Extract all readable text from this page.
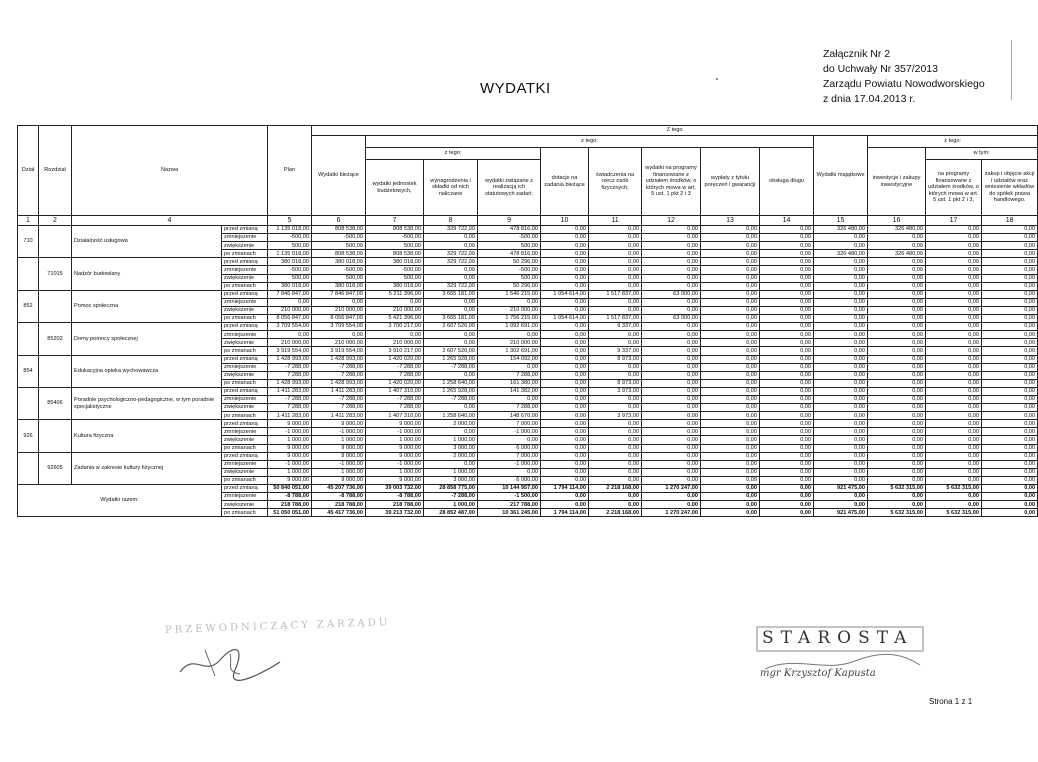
Załącznik Nr 2
do Uchwały Nr 357/2013
Zarządu Powiatu Nowodworskiego
z dnia 17.04.2013 r.
WYDATKI
Dział	Rozdział	Nazwa		Plan	Z tego												
					Wydatki bieżące	z tego:								Wydatki majątkowe	z tego:		
						z tego:			dotacje na zadania bieżące	świadczenia na rzecz osób fizycznych;	wydatki na programy finansowane z udziałem środków, o których mowa w art. 5 ust. 1 pkt 2 i 3	wypłaty z tytułu poręczeń i gwarancji	obsługa długu		inwestycje i zakupy inwestycyjne	w tym:	
						wydatki jednostek budżetowych,	wynagrodzenia i składki od nich naliczane	wydatki związane z realizacją ich statutowych zadań;								na programy finansowane z udziałem środków, o których mowa w art. 5 ust. 1 pkt 2 i 3,	zakup i objęcie akcji i udziałów oraz wniesienie wkładów do spółek prawa handlowego.
1	2	4		5	6	7	8	9	10	11	12	13	14	15	16	17	18
710		Działalność usługowa	przed zmianą	1 135 018,00	808 538,00	808 538,00	329 722,00	478 816,00	0,00	0,00	0,00	0,00	0,00	326 480,00	326 480,00	0,00	0,00
			zmniejszenie	-500,00	-500,00	-500,00	0,00	-500,00	0,00	0,00	0,00	0,00	0,00	0,00	0,00	0,00	0,00
			zwiększenie	500,00	500,00	500,00	0,00	500,00	0,00	0,00	0,00	0,00	0,00	0,00	0,00	0,00	0,00
			po zmianach	1 135 018,00	808 538,00	808 538,00	329 722,00	478 816,00	0,00	0,00	0,00	0,00	0,00	326 480,00	326 480,00	0,00	0,00
	71015	Nadzór budowlany	przed zmianą	380 018,00	380 018,00	380 018,00	329 722,00	50 296,00	0,00	0,00	0,00	0,00	0,00	0,00	0,00	0,00	0,00
			zmniejszenie	-500,00	-500,00	-500,00	0,00	-500,00	0,00	0,00	0,00	0,00	0,00	0,00	0,00	0,00	0,00
			zwiększenie	500,00	500,00	500,00	0,00	500,00	0,00	0,00	0,00	0,00	0,00	0,00	0,00	0,00	0,00
			po zmianach	380 018,00	380 018,00	380 018,00	329 722,00	50 296,00	0,00	0,00	0,00	0,00	0,00	0,00	0,00	0,00	0,00
852		Pomoc społeczna	przed zmianą	7 846 847,00	7 846 847,00	5 211 396,00	3 665 181,00	1 546 215,00	1 054 614,00	1 517 837,00	63 000,00	0,00	0,00	0,00	0,00	0,00	0,00
			zmniejszenie	0,00	0,00	0,00	0,00	0,00	0,00	0,00	0,00	0,00	0,00	0,00	0,00	0,00	0,00
			zwiększenie	210 000,00	210 000,00	210 000,00	0,00	210 000,00	0,00	0,00	0,00	0,00	0,00	0,00	0,00	0,00	0,00
			po zmianach	8 056 847,00	8 056 847,00	5 421 396,00	3 665 181,00	1 756 215,00	1 054 614,00	1 517 837,00	63 000,00	0,00	0,00	0,00	0,00	0,00	0,00
	85202	Domy pomocy społecznej	przed zmianą	3 709 554,00	3 709 554,00	3 700 217,00	2 607 526,00	1 092 691,00	0,00	9 337,00	0,00	0,00	0,00	0,00	0,00	0,00	0,00
			zmniejszenie	0,00	0,00	0,00	0,00	0,00	0,00	0,00	0,00	0,00	0,00	0,00	0,00	0,00	0,00
			zwiększenie	210 000,00	210 000,00	210 000,00	0,00	210 000,00	0,00	0,00	0,00	0,00	0,00	0,00	0,00	0,00	0,00
			po zmianach	3 919 554,00	3 919 554,00	3 910 217,00	2 607 526,00	1 302 691,00	0,00	9 337,00	0,00	0,00	0,00	0,00	0,00	0,00	0,00
854		Edukacyjna opieka wychowawcza	przed zmianą	1 428 993,00	1 428 993,00	1 420 020,00	1 265 928,00	154 092,00	0,00	8 973,00	0,00	0,00	0,00	0,00	0,00	0,00	0,00
			zmniejszenie	-7 288,00	-7 288,00	-7 288,00	-7 288,00	0,00	0,00	0,00	0,00	0,00	0,00	0,00	0,00	0,00	0,00
			zwiększenie	7 288,00	7 288,00	7 288,00	0,00	7 288,00	0,00	0,00	0,00	0,00	0,00	0,00	0,00	0,00	0,00
			po zmianach	1 428 993,00	1 428 993,00	1 420 020,00	1 258 640,00	161 380,00	0,00	8 973,00	0,00	0,00	0,00	0,00	0,00	0,00	0,00
	85406	Poradnie psychologiczno-pedagogiczne, w tym poradnie specjalistyczne	przed zmianą	1 411 283,00	1 411 283,00	1 407 310,00	1 265 928,00	141 382,00	0,00	3 973,00	0,00	0,00	0,00	0,00	0,00	0,00	0,00
			zmniejszenie	-7 288,00	-7 288,00	-7 288,00	-7 288,00	0,00	0,00	0,00	0,00	0,00	0,00	0,00	0,00	0,00	0,00
			zwiększenie	7 288,00	7 288,00	7 288,00	0,00	7 288,00	0,00	0,00	0,00	0,00	0,00	0,00	0,00	0,00	0,00
			po zmianach	1 411 283,00	1 411 283,00	1 407 310,00	1 258 640,00	148 670,00	0,00	3 973,00	0,00	0,00	0,00	0,00	0,00	0,00	0,00
926		Kultura fizyczna	przed zmianą	9 000,00	9 000,00	9 000,00	2 000,00	7 000,00	0,00	0,00	0,00	0,00	0,00	0,00	0,00	0,00	0,00
			zmniejszenie	-1 000,00	-1 000,00	-1 000,00	0,00	-1 000,00	0,00	0,00	0,00	0,00	0,00	0,00	0,00	0,00	0,00
			zwiększenie	1 000,00	1 000,00	1 000,00	1 000,00	0,00	0,00	0,00	0,00	0,00	0,00	0,00	0,00	0,00	0,00
			po zmianach	9 000,00	9 000,00	9 000,00	3 000,00	6 000,00	0,00	0,00	0,00	0,00	0,00	0,00	0,00	0,00	0,00
	92605	Zadania w zakresie kultury fizycznej	przed zmianą	9 000,00	9 000,00	9 000,00	2 000,00	7 000,00	0,00	0,00	0,00	0,00	0,00	0,00	0,00	0,00	0,00
			zmniejszenie	-1 000,00	-1 000,00	-1 000,00	0,00	-1 000,00	0,00	0,00	0,00	0,00	0,00	0,00	0,00	0,00	0,00
			zwiększenie	1 000,00	1 000,00	1 000,00	1 000,00	0,00	0,00	0,00	0,00	0,00	0,00	0,00	0,00	0,00	0,00
			po zmianach	9 000,00	9 000,00	9 000,00	3 000,00	6 000,00	0,00	0,00	0,00	0,09	0,00	0,00	0,00	0,00	0,00
Wydatki razem:			przed zmianą	50 840 051,00	45 207 736,00	39 003 732,00	28 858 775,00	10 144 957,00	1 794 114,00	2 218 168,00	1 270 247,00	0,00	0,00	921 475,00	5 632 315,00	5 632 315,00	0,00
			zmniejszenie	-8 788,00	-8 788,00	-8 788,00	-7 288,00	-1 500,00	0,00	0,00	0,00	0,00	0,00	0,00	0,00	0,00	0,00
			zwiększenie	218 788,00	218 788,00	218 788,00	1 000,00	217 788,00	0,00	0,00	0,00	0,00	0,00	0,00	0,00	0,00	0,00
			po zmianach	51 050 051,00	45 417 736,00	39 213 732,00	28 852 487,00	10 361 245,00	1 794 114,00	2 218 168,00	1 270 247,00	0,00	0,00	921 475,00	5 632 315,00	5 632 315,00	0,00
PRZEWODNICZĄCY ZARZĄDU
STAROSTA
mgr Krzysztof Kapusta
Strona 1 z 1
